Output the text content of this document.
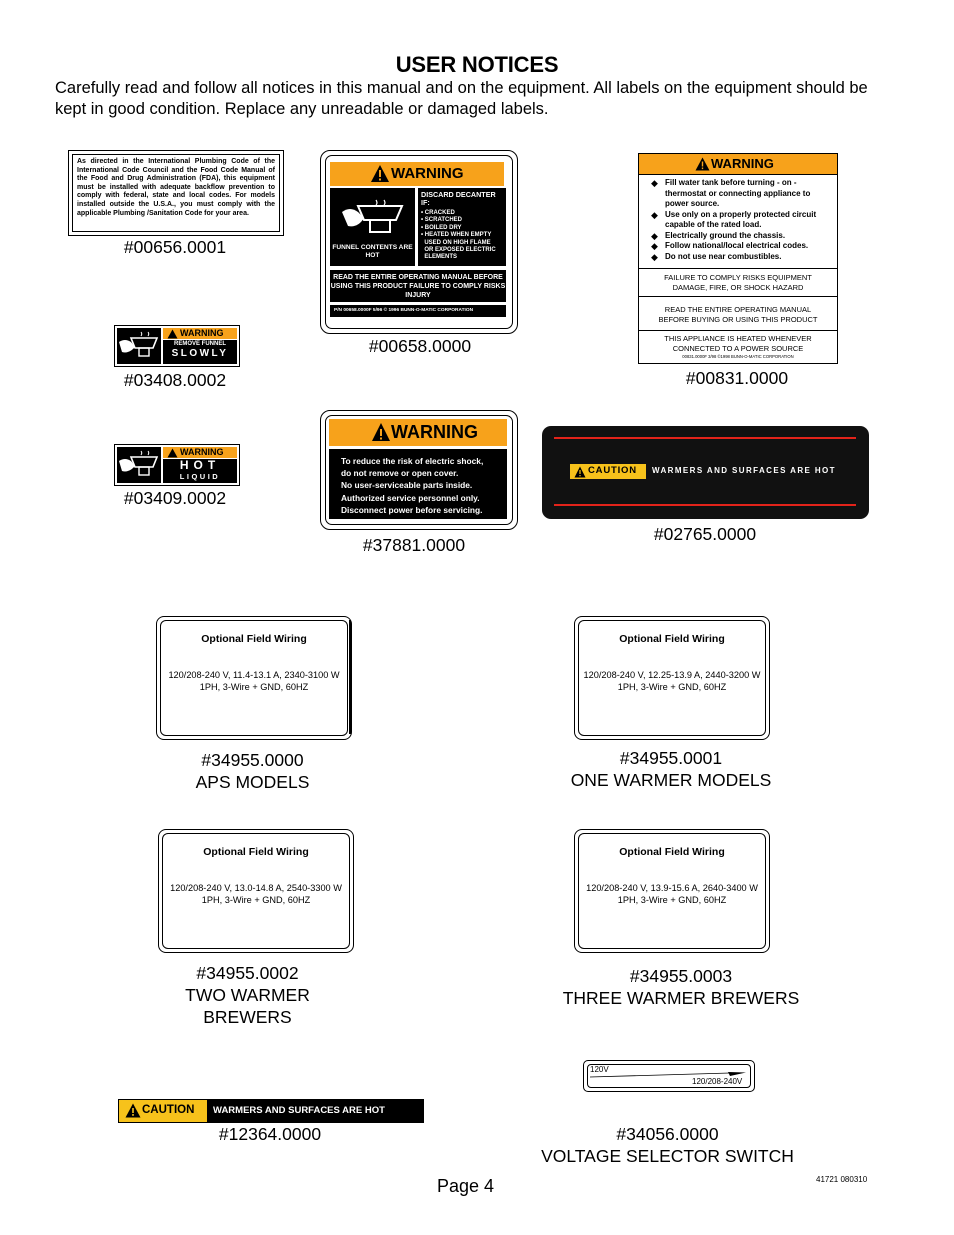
USER NOTICES
Carefully read and follow all notices in this manual and on the equipment. All labels on the equipment should be kept in good condition. Replace any unreadable or damaged labels.
As directed in the International Plumbing Code of the International Code Council and the Food Code Manual of the Food and Drug Administration (FDA), this equipment must be installed with adequate backflow prevention to comply with federal, state and local codes. For models installed outside the U.S.A., you must comply with the applicable Plumbing /Sanitation Code for your area.
#00656.0001
WARNING
FUNNEL CONTENTS ARE HOT
DISCARD DECANTER IF:
• CRACKED
• SCRATCHED
• BOILED DRY
• HEATED WHEN EMPTY
USED ON HIGH FLAME
OR EXPOSED ELECTRIC
ELEMENTS
READ THE ENTIRE OPERATING MANUAL BEFORE USING THIS PRODUCT FAILURE TO COMPLY RISKS INJURY
P/N 00658.0000F 5/96 © 1996 BUNN-O-MATIC CORPORATION
#00658.0000
WARNING
REMOVE FUNNEL
SLOWLY
#03408.0002
WARNING
HOT
LIQUID
#03409.0002
WARNING
◆ Fill water tank before turning - on - thermostat or connecting appliance to power source.
◆ Use only on a properly protected circuit capable of the rated load.
◆ Electrically ground the chassis.
◆ Follow national/local electrical codes.
◆ Do not use near combustibles.
FAILURE TO COMPLY RISKS EQUIPMENT DAMAGE, FIRE, OR SHOCK HAZARD
READ THE ENTIRE OPERATING MANUAL BEFORE BUYING OR USING THIS PRODUCT
THIS APPLIANCE IS HEATED WHENEVER CONNECTED TO A POWER SOURCE
00831.0000F 3/98 ©1998 BUNN-O-MATIC CORPORATION
#00831.0000
WARNING
To reduce the risk of electric shock,
do not remove or open cover.
No user-serviceable parts inside.
Authorized service personnel only.
Disconnect power before servicing.
#37881.0000
CAUTION WARMERS AND SURFACES ARE HOT
#02765.0000
Optional Field Wiring
120/208-240 V, 11.4-13.1 A, 2340-3100 W
1PH, 3-Wire + GND, 60HZ
#34955.0000
APS MODELS
Optional Field Wiring
120/208-240 V, 12.25-13.9 A, 2440-3200 W
1PH, 3-Wire + GND, 60HZ
#34955.0001
ONE WARMER MODELS
Optional Field Wiring
120/208-240 V, 13.0-14.8 A, 2540-3300 W
1PH, 3-Wire + GND, 60HZ
#34955.0002
TWO WARMER BREWERS
Optional Field Wiring
120/208-240 V, 13.9-15.6 A, 2640-3400 W
1PH, 3-Wire + GND, 60HZ
#34955.0003
THREE WARMER BREWERS
CAUTION WARMERS AND SURFACES ARE HOT
#12364.0000
120V
120/208-240V
#34056.0000
VOLTAGE SELECTOR SWITCH
Page 4	41721 080310
